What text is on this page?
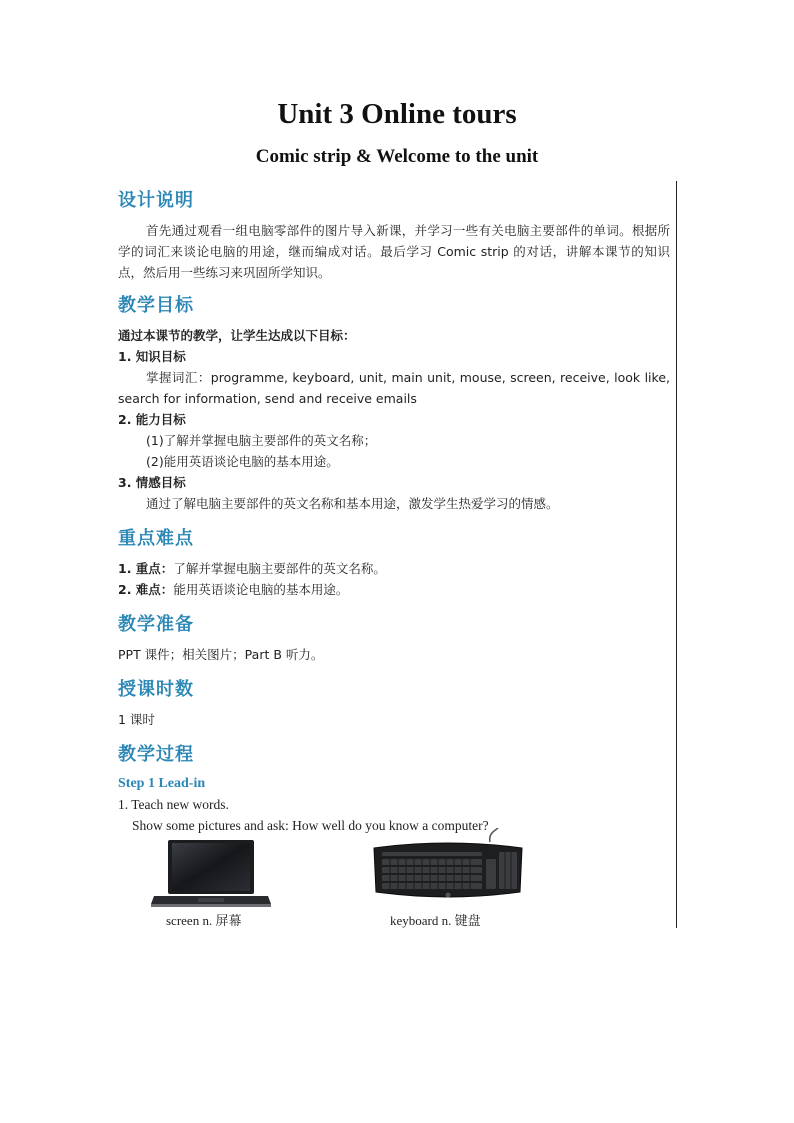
Unit 3 Online tours
Comic strip & Welcome to the unit
设计说明

首先通过观看一组电脑零部件的图片导入新课，并学习一些有关电脑主要部件的单词。根据所学的词汇来谈论电脑的用途，继而编成对话。最后学习 Comic strip 的对话，讲解本课节的知识点，然后用一些练习来巩固所学知识。

教学目标

通过本课节的教学，让学生达成以下目标：

1. 知识目标

掌握词汇：programme, keyboard, unit, main unit, mouse, screen, receive, look like, search for information, send and receive emails

2. 能力目标

(1)了解并掌握电脑主要部件的英文名称；

(2)能用英语谈论电脑的基本用途。

3. 情感目标

通过了解电脑主要部件的英文名称和基本用途，激发学生热爱学习的情感。

重点难点

1. 重点：了解并掌握电脑主要部件的英文名称。

2. 难点：能用英语谈论电脑的基本用途。

教学准备

PPT 课件；相关图片；Part B 听力。

授课时数

1 课时

教学过程

Step 1 Lead-in

1. Teach new words.

Show some pictures and ask: How well do you know a computer?

screen n. 屏幕	keyboard n. 键盘
